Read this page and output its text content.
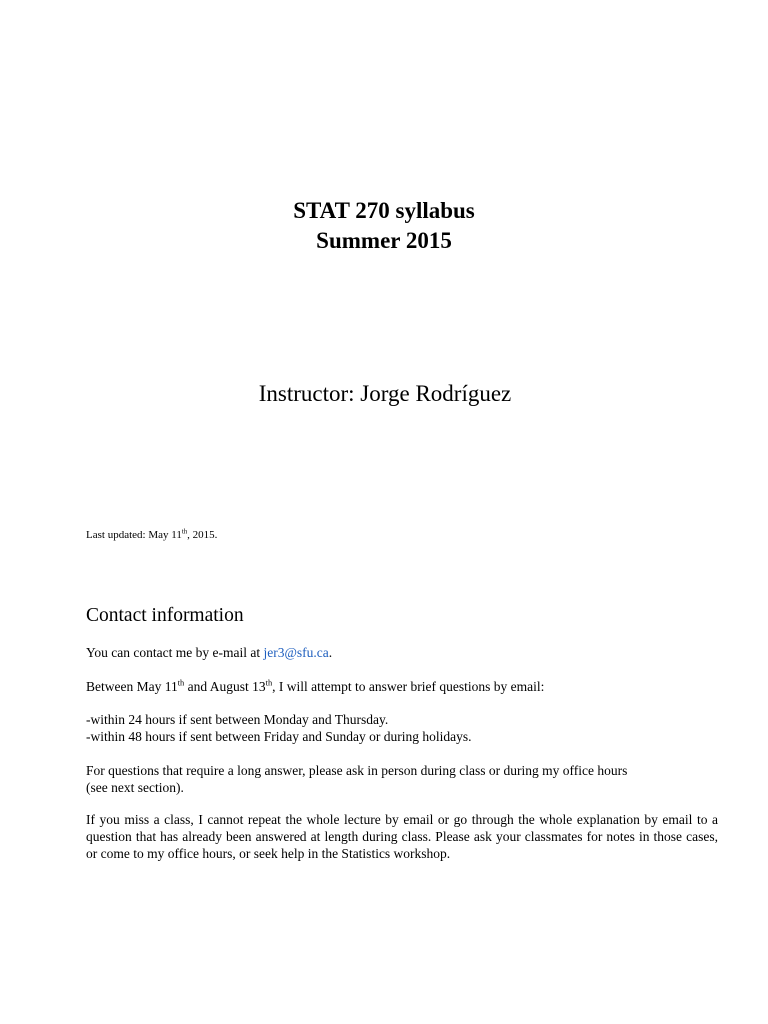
STAT 270 syllabus
Summer 2015
Instructor: Jorge Rodríguez
Last updated: May 11th, 2015.
Contact information
You can contact me by e-mail at jer3@sfu.ca.
Between May 11th and August 13th, I will attempt to answer brief questions by email:
-within 24 hours if sent between Monday and Thursday.
-within 48 hours if sent between Friday and Sunday or during holidays.
For questions that require a long answer, please ask in person during class or during my office hours
(see next section).
If you miss a class, I cannot repeat the whole lecture by email or go through the whole explanation by email to a question that has already been answered at length during class. Please ask your classmates for notes in those cases, or come to my office hours, or seek help in the Statistics workshop.
